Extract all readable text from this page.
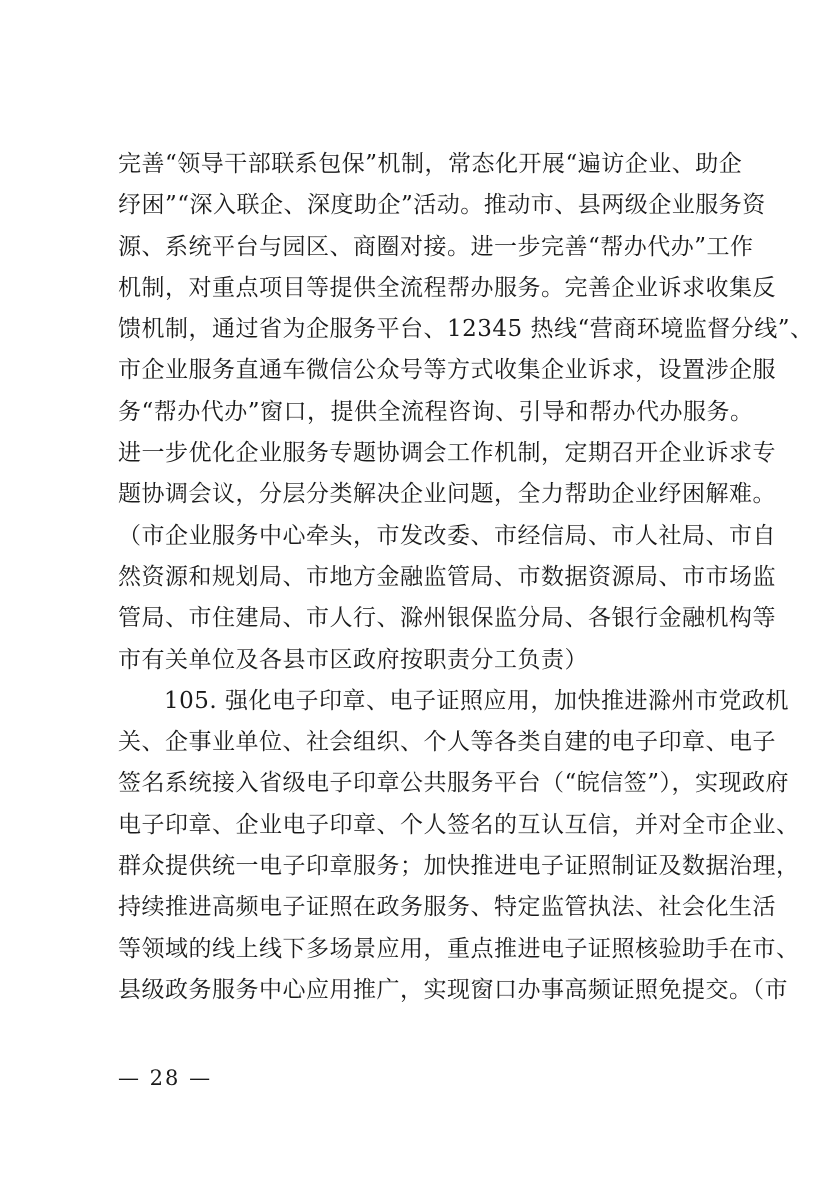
完善“领导干部联系包保”机制，常态化开展“遍访企业、助企
纾困”“深入联企、深度助企”活动。推动市、县两级企业服务资
源、系统平台与园区、商圈对接。进一步完善“帮办代办”工作
机制，对重点项目等提供全流程帮办服务。完善企业诉求收集反
馈机制，通过省为企服务平台、12345 热线“营商环境监督分线”、
市企业服务直通车微信公众号等方式收集企业诉求，设置涉企服
务“帮办代办”窗口，提供全流程咨询、引导和帮办代办服务。
进一步优化企业服务专题协调会工作机制，定期召开企业诉求专
题协调会议，分层分类解决企业问题，全力帮助企业纾困解难。
（市企业服务中心牵头，市发改委、市经信局、市人社局、市自
然资源和规划局、市地方金融监管局、市数据资源局、市市场监
管局、市住建局、市人行、滁州银保监分局、各银行金融机构等
市有关单位及各县市区政府按职责分工负责）
105. 强化电子印章、电子证照应用，加快推进滁州市党政机
关、企事业单位、社会组织、个人等各类自建的电子印章、电子
签名系统接入省级电子印章公共服务平台（“皖信签”），实现政府
电子印章、企业电子印章、个人签名的互认互信，并对全市企业、
群众提供统一电子印章服务；加快推进电子证照制证及数据治理，
持续推进高频电子证照在政务服务、特定监管执法、社会化生活
等领域的线上线下多场景应用，重点推进电子证照核验助手在市、
县级政务服务中心应用推广，实现窗口办事高频证照免提交。（市
— 28 —
